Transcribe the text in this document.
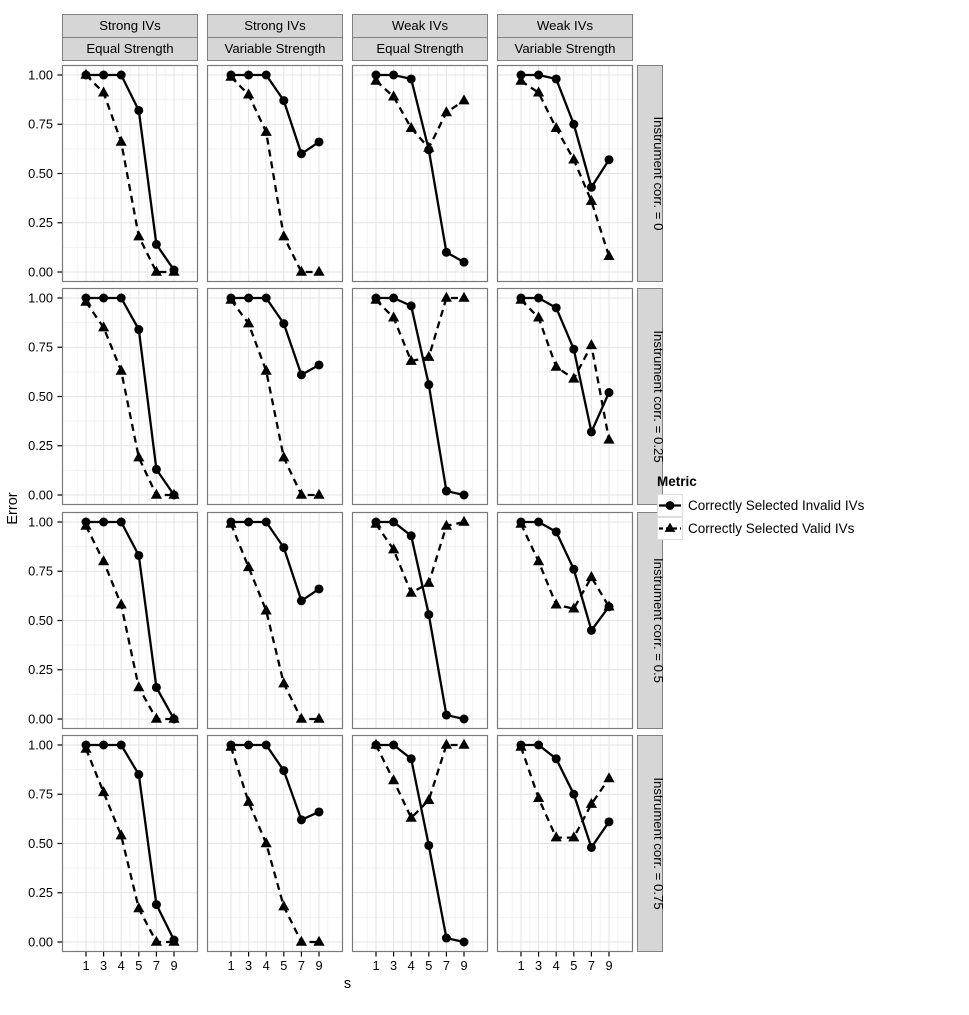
Strong IVs
Equal Strength
Strong IVs
Variable Strength
Weak IVs
Equal Strength
Weak IVs
Variable Strength
Instrument corr. = 0
Instrument corr. = 0.25
Instrument corr. = 0.5
Instrument corr. = 0.75
1.00
0.75
0.50
0.25
0.00
1.00
0.75
0.50
0.25
0.00
1.00
0.75
0.50
0.25
0.00
1.00
0.75
0.50
0.25
0.00
1 3 4 5 7 9	1 3 4 5 7 9	1 3 4 5 7 9	1 3 4 5 7 9
Error
s
Metric
Correctly Selected Invalid IVs
Correctly Selected Valid IVs
